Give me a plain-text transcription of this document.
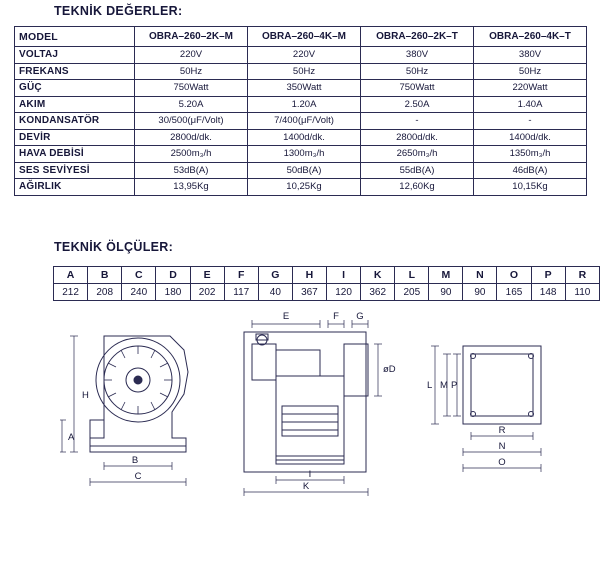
TEKNİK DEĞERLER:
MODEL	OBRA–260–2K–M	OBRA–260–4K–M	OBRA–260–2K–T	OBRA–260–4K–T
VOLTAJ	220V	220V	380V	380V
FREKANS	50Hz	50Hz	50Hz	50Hz
GÜÇ	750Watt	350Watt	750Watt	220Watt
AKIM	5.20A	1.20A	2.50A	1.40A
KONDANSATÖR	30/500(μF/Volt)	7/400(μF/Volt)	-	-
DEVİR	2800d/dk.	1400d/dk.	2800d/dk.	1400d/dk.
HAVA DEBİSİ	2500m₃/h	1300m₃/h	2650m₃/h	1350m₃/h
SES SEVİYESİ	53dB(A)	50dB(A)	55dB(A)	46dB(A)
AĞIRLIK	13,95Kg	10,25Kg	12,60Kg	10,15Kg
TEKNİK ÖLÇÜLER:
A	B	C	D	E	F	G	H	I	K	L	M	N	O	P	R
212	208	240	180	202	117	40	367	120	362	205	90	90	165	148	110
H
A
B
C
E	F G
øD
I
K
L M P
R
N
O
